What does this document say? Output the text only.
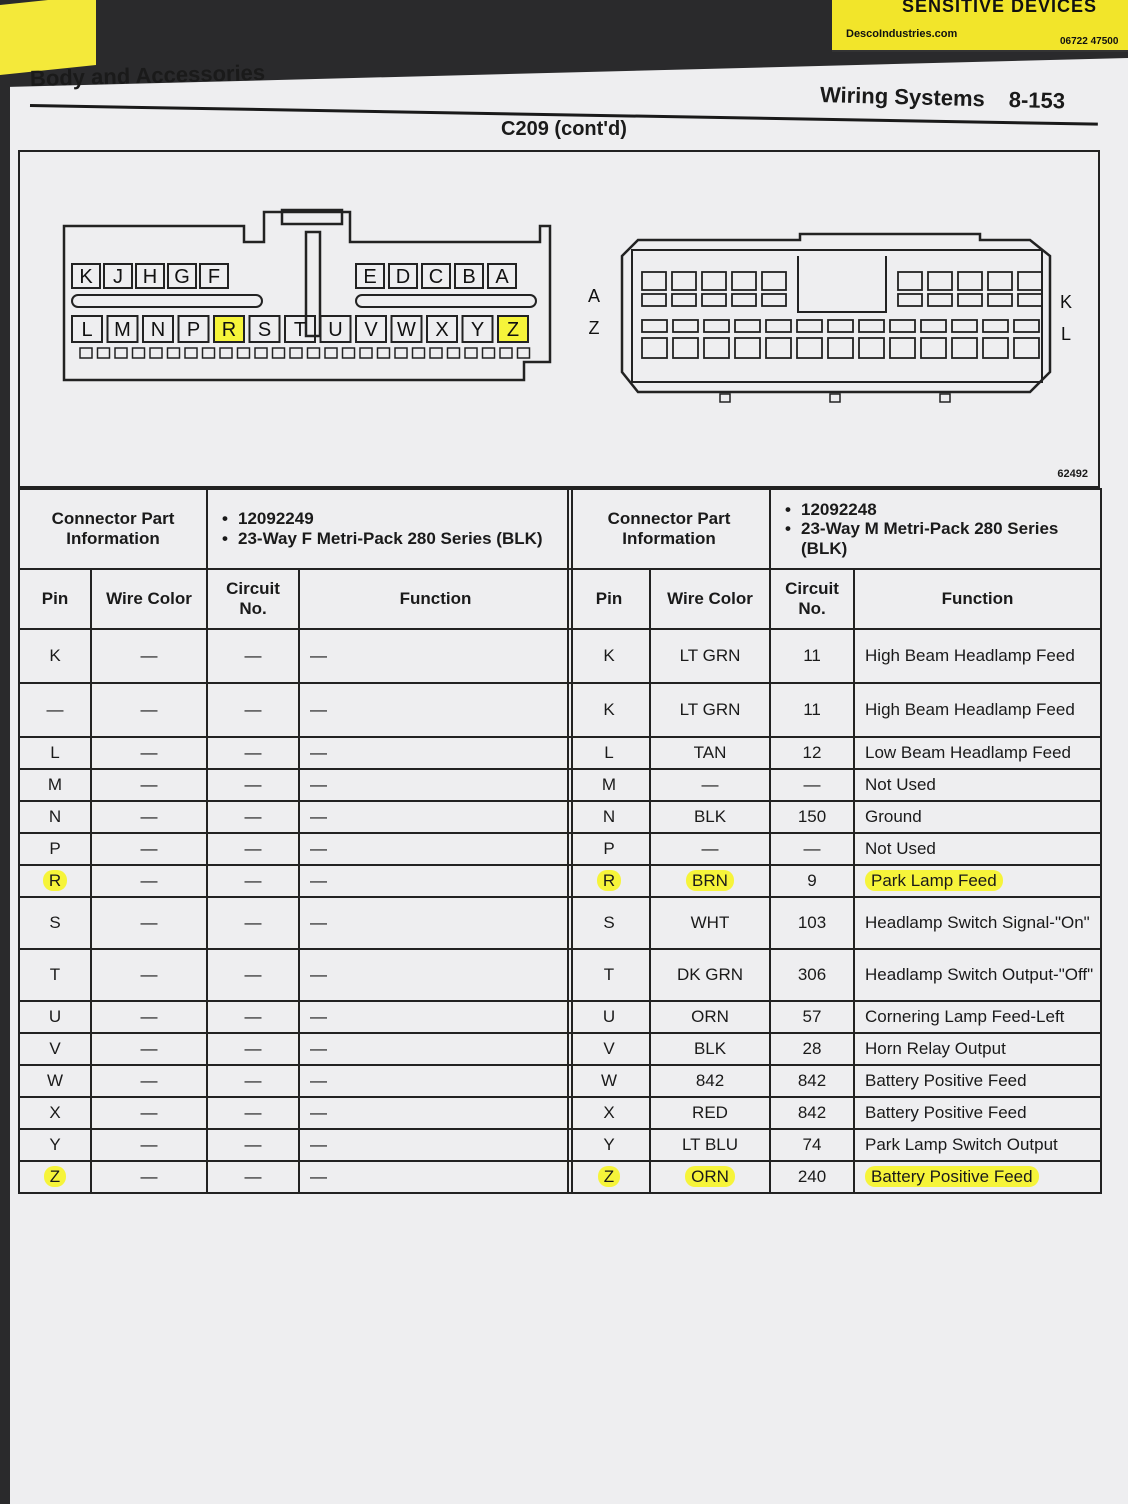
SENSITIVE DEVICES
DescoIndustries.com
06722 47500
Body and Accessories
Wiring Systems 8-153
C209 (cont'd)
K J H G F	E D C B A
L M N P R S T U V W X Y Z
A
Z
K
L
62492
Connector Part Information		• 12092249
• 23-Way F Metri-Pack 280 Series (BLK)

Pin	Wire Color	Circuit No.	Function
K	—	—	—
—	—	—	—
L	—	—	—
M	—	—	—
N	—	—	—
P	—	—	—
R	—	—	—
S	—	—	—
T	—	—	—
U	—	—	—
V	—	—	—
W	—	—	—
X	—	—	—
Y	—	—	—
Z	—	—	—
Connector Part Information		• 12092248
• 23-Way M Metri-Pack 280 Series (BLK)

Pin	Wire Color	Circuit No.	Function
K	LT GRN	11	High Beam Headlamp Feed
K	LT GRN	11	High Beam Headlamp Feed
L	TAN	12	Low Beam Headlamp Feed
M	—	—	Not Used
N	BLK	150	Ground
P	—	—	Not Used
R	BRN	9	Park Lamp Feed
S	WHT	103	Headlamp Switch Signal-"On"
T	DK GRN	306	Headlamp Switch Output-"Off"
U	ORN	57	Cornering Lamp Feed-Left
V	BLK	28	Horn Relay Output
W	842	842	Battery Positive Feed
X	RED	842	Battery Positive Feed
Y	LT BLU	74	Park Lamp Switch Output
Z	ORN	240	Battery Positive Feed
